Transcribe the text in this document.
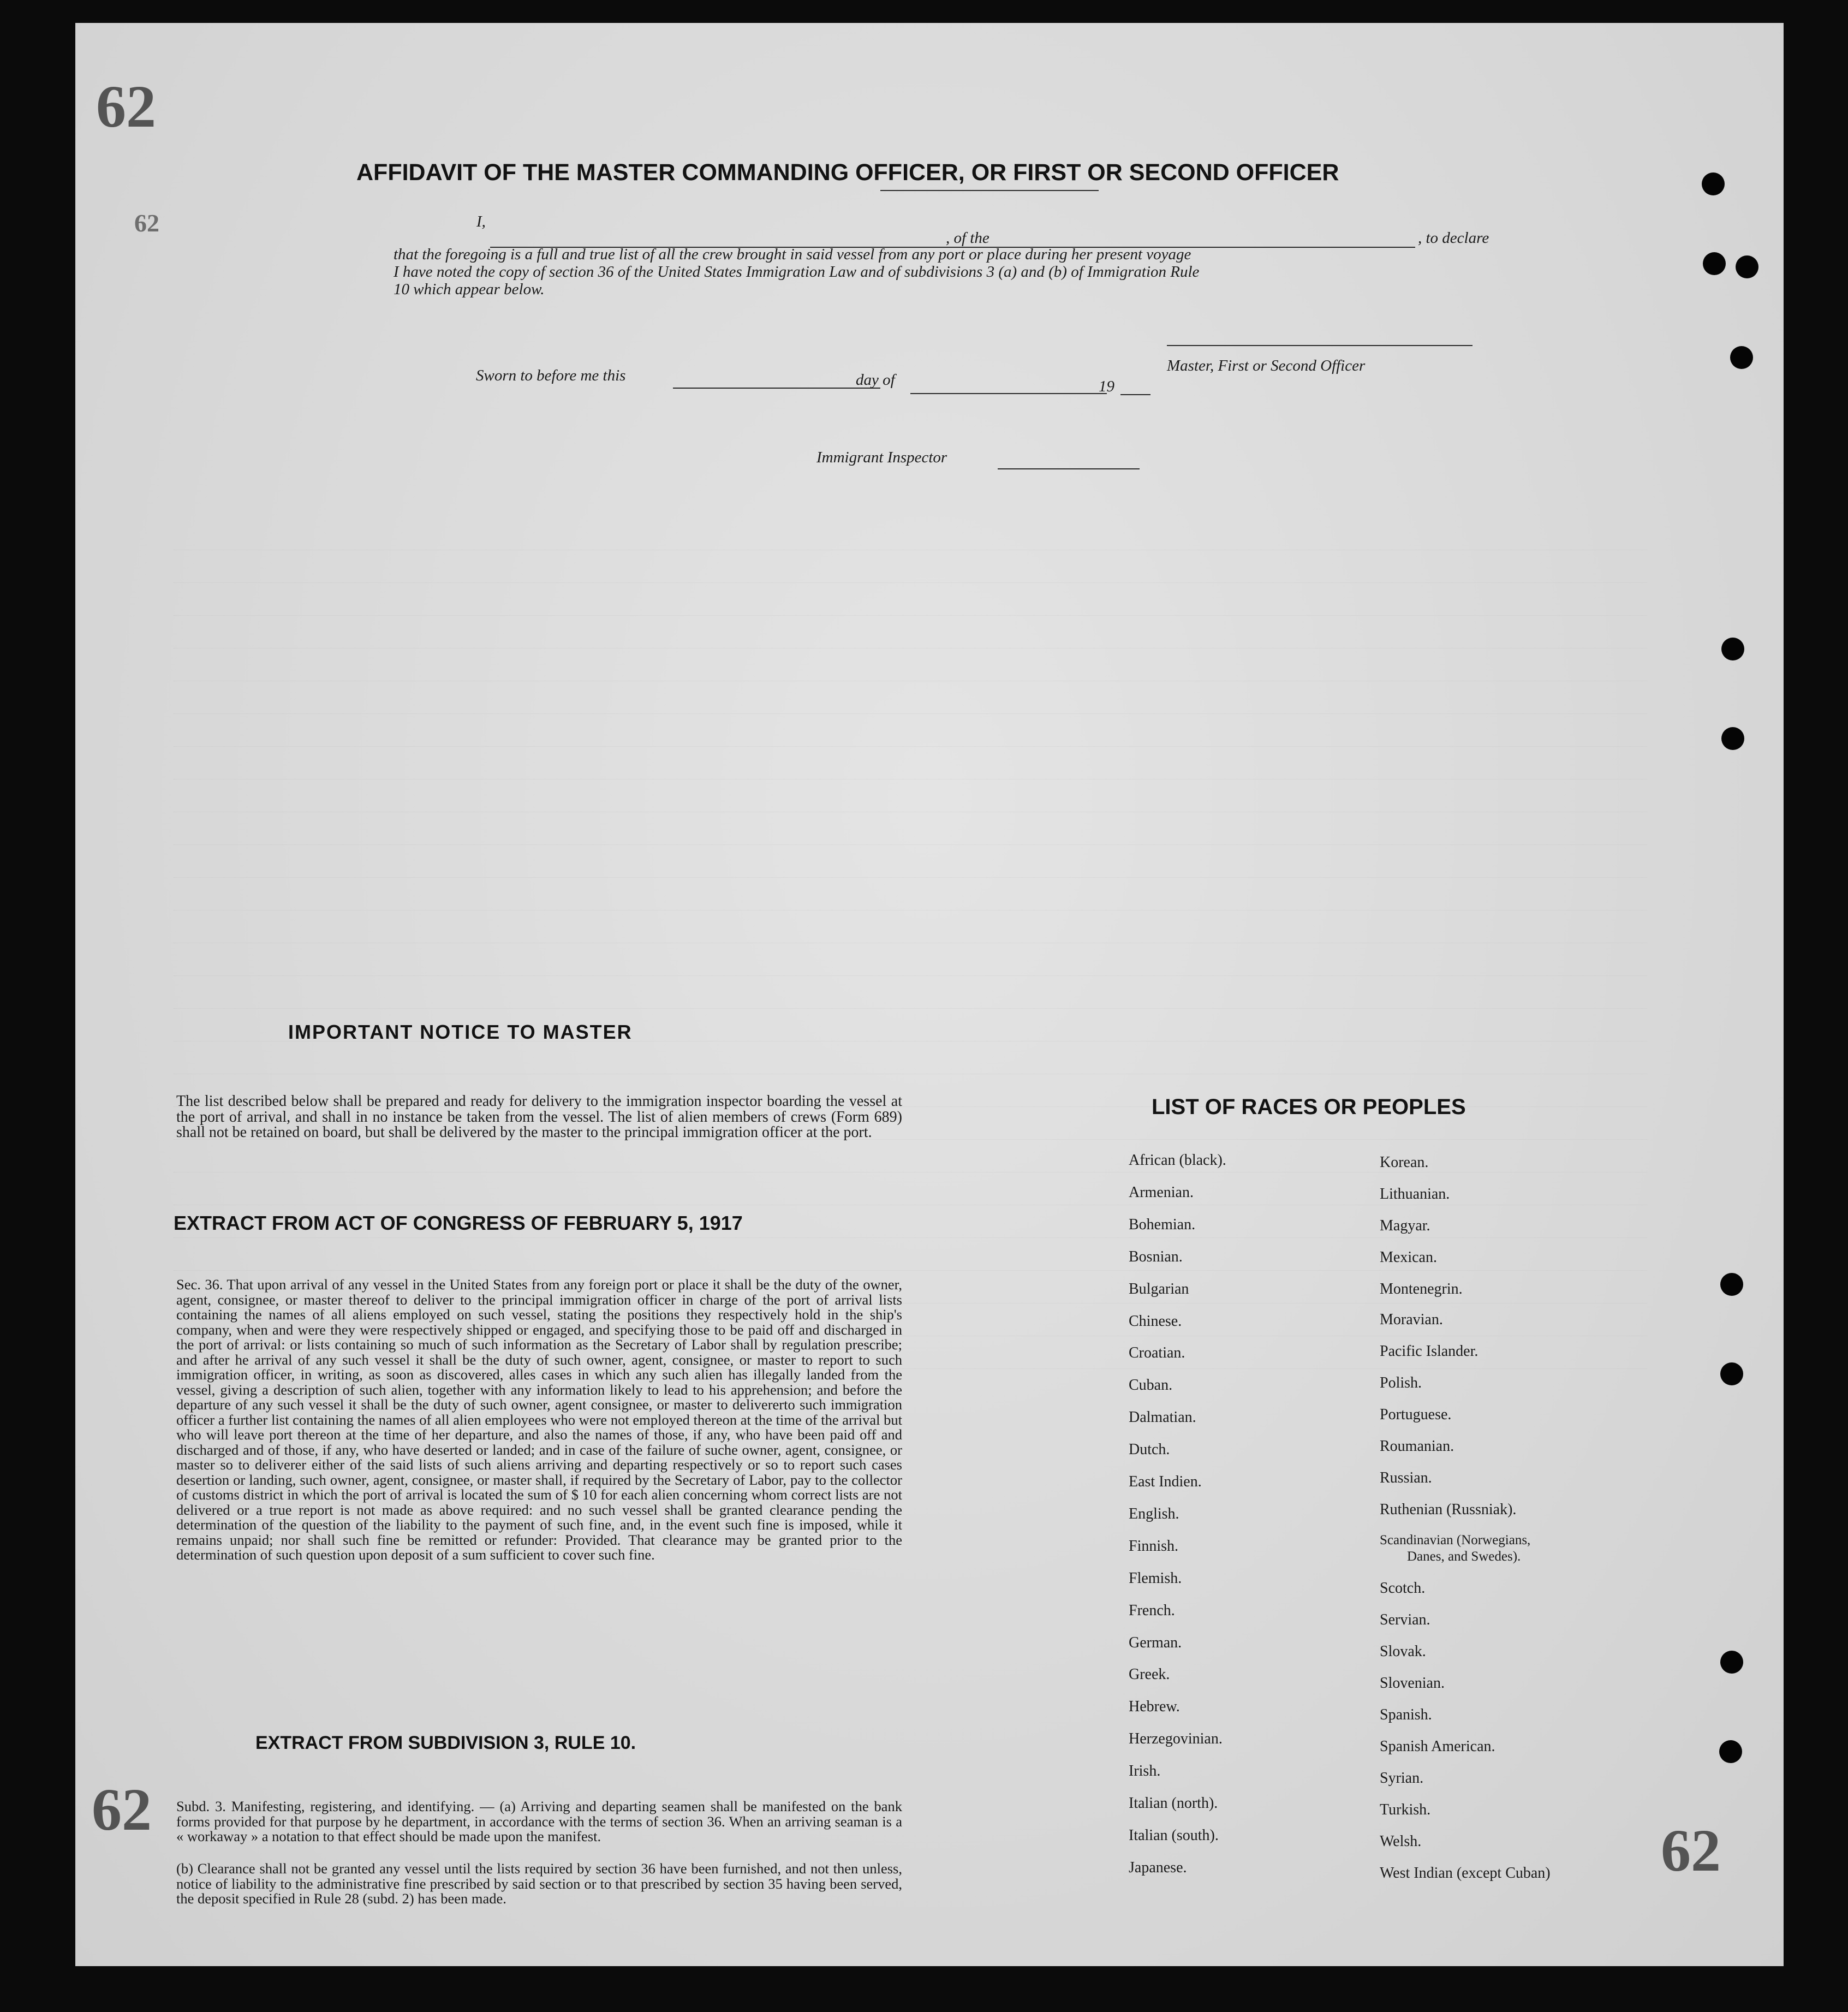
62
62
62
62
AFFIDAVIT OF THE MASTER COMMANDING OFFICER, OR FIRST OR SECOND OFFICER
I,
, of the	, to declare
that the foregoing is a full and true list of all the crew brought in said vessel from any port or place during her present voyage
I have noted the copy of section 36 of the United States Immigration Law and of subdivisions 3 (a) and (b) of Immigration Rule
10 which appear below.
Master, First or Second Officer
Sworn to before me this	day of	19
Immigrant Inspector
IMPORTANT NOTICE TO MASTER
The list described below shall be prepared and ready for delivery to the immigration inspector boarding the vessel at the port of arrival, and shall in no instance be taken from the vessel. The list of alien members of crews (Form 689) shall not be retained on board, but shall be delivered by the master to the principal immigration officer at the port.
EXTRACT FROM ACT OF CONGRESS OF FEBRUARY 5, 1917
Sec. 36. That upon arrival of any vessel in the United States from any foreign port or place it shall be the duty of the owner, agent, consignee, or master thereof to deliver to the principal immigration officer in charge of the port of arrival lists containing the names of all aliens employed on such vessel, stating the positions they respectively hold in the ship's company, when and were they were respectively shipped or engaged, and specifying those to be paid off and discharged in the port of arrival: or lists containing so much of such information as the Secretary of Labor shall by regulation prescribe; and after he arrival of any such vessel it shall be the duty of such owner, agent, consignee, or master to report to such immigration officer, in writing, as soon as discovered, alles cases in which any such alien has illegally landed from the vessel, giving a description of such alien, together with any information likely to lead to his apprehension; and before the departure of any such vessel it shall be the duty of such owner, agent consignee, or master to delivererto such immigration officer a further list containing the names of all alien employees who were not employed thereon at the time of the arrival but who will leave port thereon at the time of her departure, and also the names of those, if any, who have been paid off and discharged and of those, if any, who have deserted or landed; and in case of the failure of suche owner, agent, consignee, or master so to deliverer either of the said lists of such aliens arriving and departing respectively or so to report such cases desertion or landing, such owner, agent, consignee, or master shall, if required by the Secretary of Labor, pay to the collector of customs district in which the port of arrival is located the sum of $ 10 for each alien concerning whom correct lists are not delivered or a true report is not made as above required: and no such vessel shall be granted clearance pending the determination of the question of the liability to the payment of such fine, and, in the event such fine is imposed, while it remains unpaid; nor shall such fine be remitted or refunder: Provided. That clearance may be granted prior to the determination of such question upon deposit of a sum sufficient to cover such fine.
EXTRACT FROM SUBDIVISION 3, RULE 10.
Subd. 3. Manifesting, registering, and identifying. — (a) Arriving and departing seamen shall be manifested on the bank forms provided for that purpose by he department, in accordance with the terms of section 36. When an arriving seaman is a « workaway » a notation to that effect should be made upon the manifest.
(b) Clearance shall not be granted any vessel until the lists required by section 36 have been furnished, and not then unless, notice of liability to the administrative fine prescribed by said section or to that prescribed by section 35 having been served, the deposit specified in Rule 28 (subd. 2) has been made.
LIST OF RACES OR PEOPLES
African (black).
Armenian.
Bohemian.
Bosnian.
Bulgarian
Chinese.
Croatian.
Cuban.
Dalmatian.
Dutch.
East Indien.
English.
Finnish.
Flemish.
French.
German.
Greek.
Hebrew.
Herzegovinian.
Irish.
Italian (north).
Italian (south).
Japanese.
Korean.
Lithuanian.
Magyar.
Mexican.
Montenegrin.
Moravian.
Pacific Islander.
Polish.
Portuguese.
Roumanian.
Russian.
Ruthenian (Russniak).
Scandinavian (Norwegians,
Danes, and Swedes).
Scotch.
Servian.
Slovak.
Slovenian.
Spanish.
Spanish American.
Syrian.
Turkish.
Welsh.
West Indian (except Cuban)
